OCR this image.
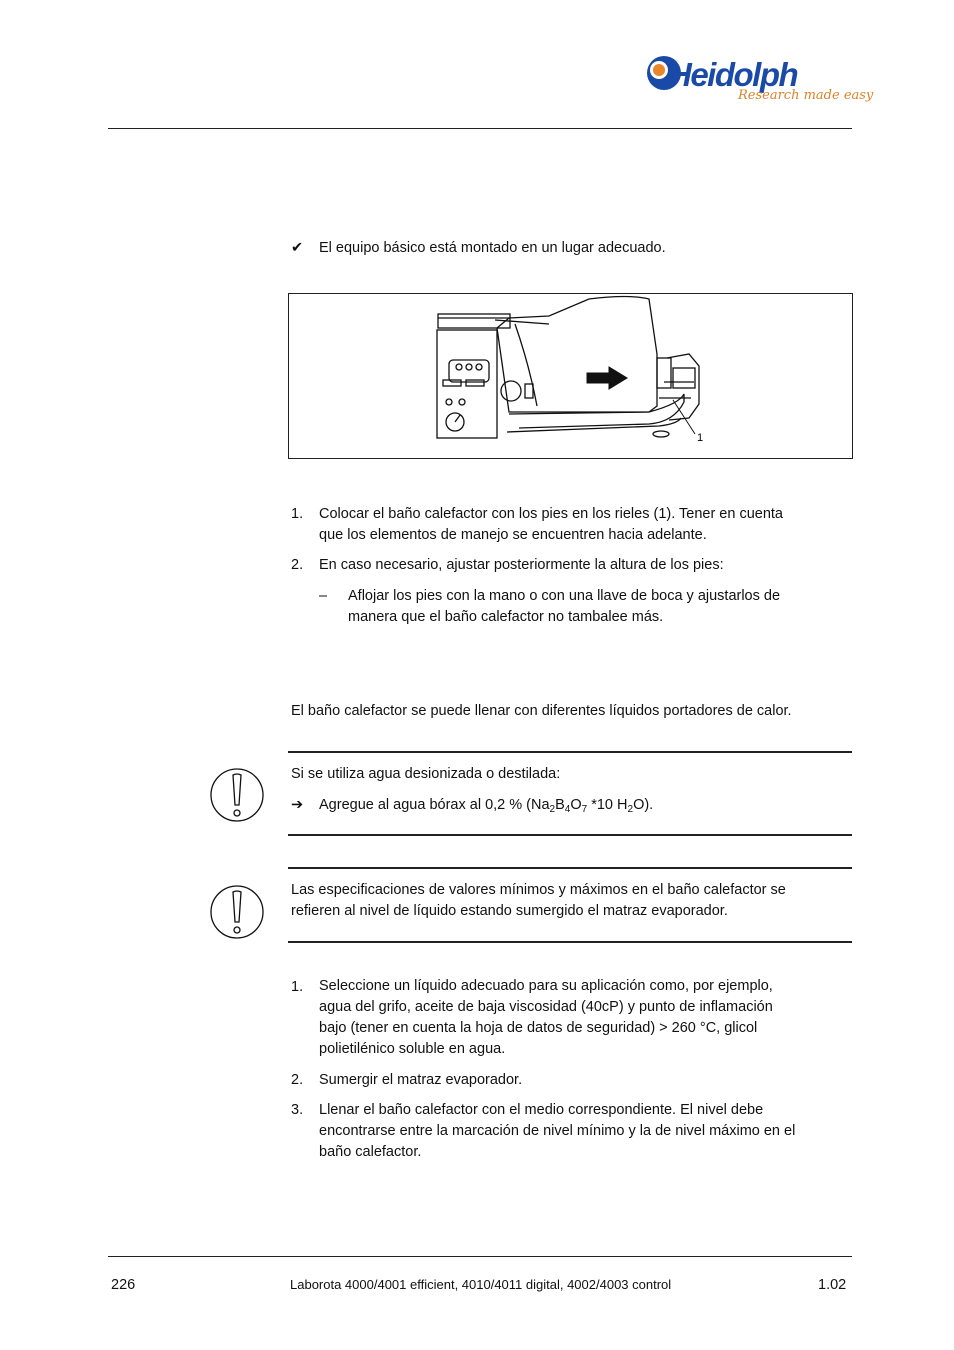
Heidolph
Research made easy
✔ El equipo básico está montado en un lugar adecuado.
1
1. Colocar el baño calefactor con los pies en los rieles (1). Tener en cuenta
que los elementos de manejo se encuentren hacia adelante.
2. En caso necesario, ajustar posteriormente la altura de los pies:
– Aflojar los pies con la mano o con una llave de boca y ajustarlos de
manera que el baño calefactor no tambalee más.
El baño calefactor se puede llenar con diferentes líquidos portadores de calor.
Si se utiliza agua desionizada o destilada:
➔ Agregue al agua bórax al 0,2 % ($Na_2B_4O_7$ *10 $H_2O$).
Las especificaciones de valores mínimos y máximos en el baño calefactor se
refieren al nivel de líquido estando sumergido el matraz evaporador.
1. Seleccione un líquido adecuado para su aplicación como, por ejemplo,
agua del grifo, aceite de baja viscosidad (40cP) y punto de inflamación
bajo (tener en cuenta la hoja de datos de seguridad) > 260 °C, glicol
polietilénico soluble en agua.
2. Sumergir el matraz evaporador.
3. Llenar el baño calefactor con el medio correspondiente. El nivel debe
encontrarse entre la marcación de nivel mínimo y la de nivel máximo en el
baño calefactor.
226	Laborota 4000/4001 efficient, 4010/4011 digital, 4002/4003 control	1.02
